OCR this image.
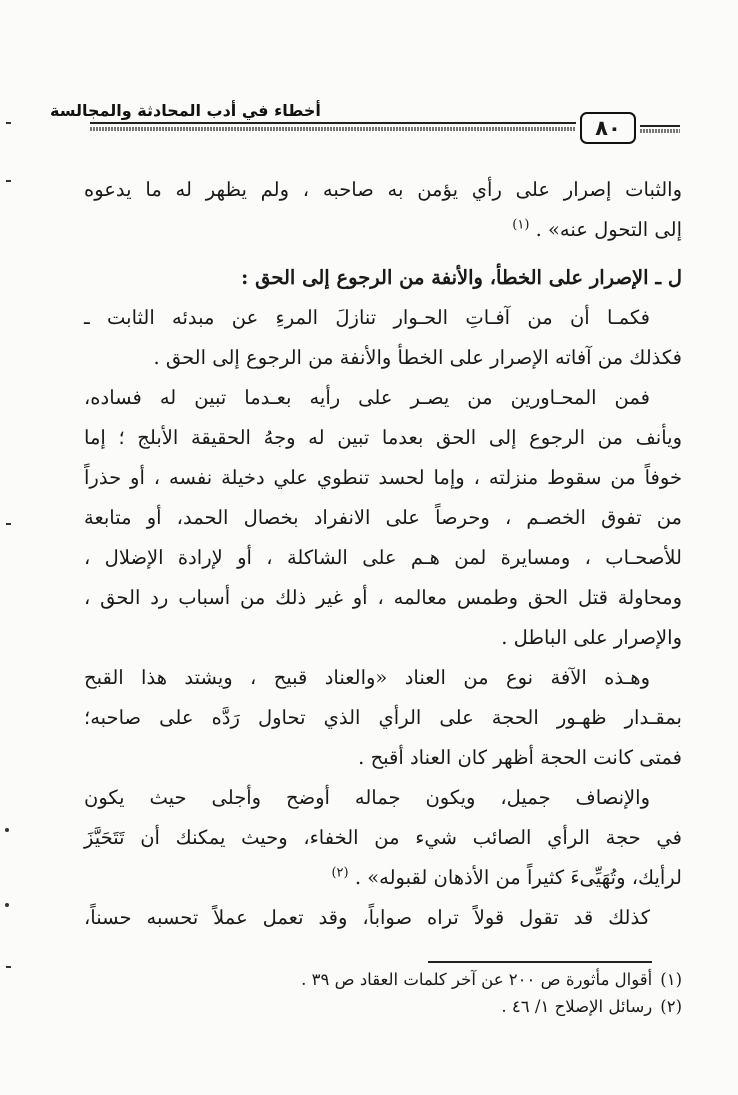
أخطاء في أدب المحادثة والمجالسة
٨٠
والثبات إصرار على رأي يؤمن به صاحبه ، ولم يظهر له ما يدعوه
إلى التحول عنه» . $^{(١)}$
ل ـ الإصرار على الخطأ، والأنفة من الرجوع إلى الحق :
فكمـا أن من آفـاتِ الحـوار تنازلَ المرءِ عن مبدئه الثابت ـ
فكذلك من آفاته الإصرار على الخطأ والأنفة من الرجوع إلى الحق .
فمن المحـاورين من يصـر على رأيه بعـدما تبين له فساده،
ويأنف من الرجوع إلى الحق بعدما تبين له وجهُ الحقيقة الأبلج ؛ إما
خوفاً من سقوط منزلته ، وإما لحسد تنطوي علي دخيلة نفسه ، أو حذراً
من تفوق الخصـم ، وحرصاً على الانفراد بخصال الحمد، أو متابعة
للأصحـاب ، ومسايرة لمن هـم على الشاكلة ، أو لإرادة الإضلال ،
ومحاولة قتل الحق وطمس معالمه ، أو غير ذلك من أسباب رد الحق ،
والإصرار على الباطل .
وهـذه الآفة نوع من العناد «والعناد قبيح ، ويشتد هذا القبح
بمقـدار ظهـور الحجة على الرأي الذي تحاول رَدَّه على صاحبه؛
فمتى كانت الحجة أظهر كان العناد أقبح .
والإنصاف جميل، ويكون جماله أوضح وأجلى حيث يكون
في حجة الرأي الصائب شيء من الخفاء، وحيث يمكنك أن تَتَحَيَّزَ
لرأيك، وتُهَيِّىءَ كثيراً من الأذهان لقبوله» . $^{(٢)}$
كذلك قد تقول قولاً تراه صواباً، وقد تعمل عملاً تحسبه حسناً،
(١)أقوال مأثورة ص ٢٠٠ عن آخر كلمات العقاد ص ٣٩ .
(٢)رسائل الإصلاح ١/ ٤٦ .
